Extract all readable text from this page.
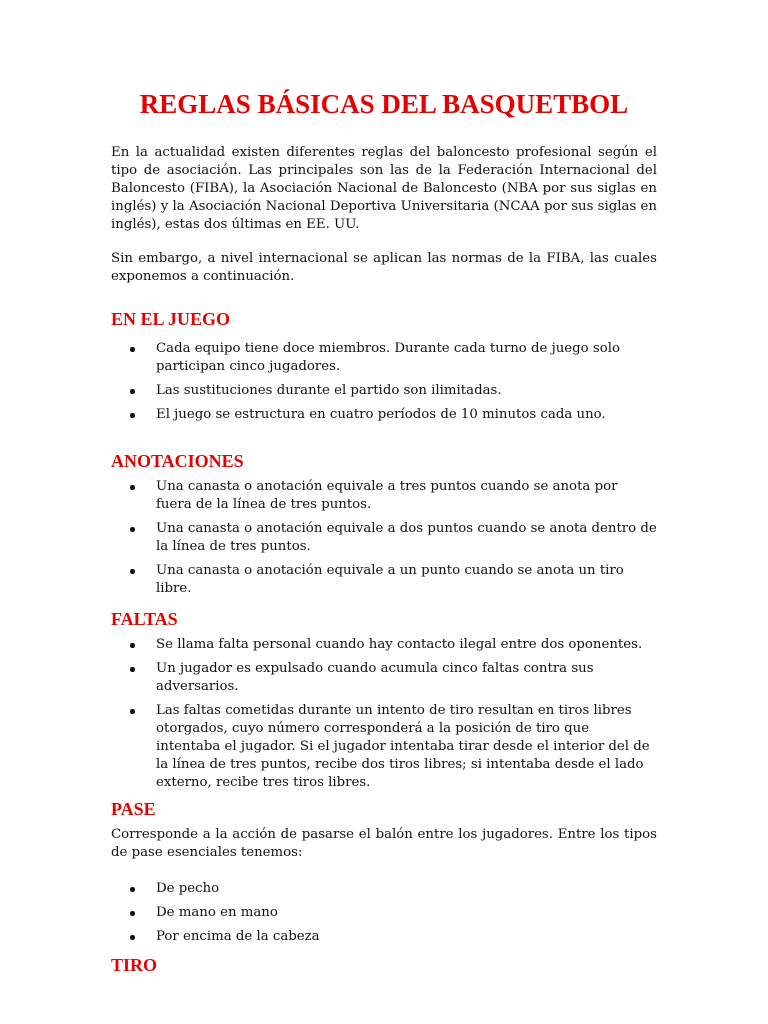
REGLAS BÁSICAS DEL BASQUETBOL

En la actualidad existen diferentes reglas del baloncesto profesional según el tipo de asociación. Las principales son las de la Federación Internacional del Baloncesto (FIBA), la Asociación Nacional de Baloncesto (NBA por sus siglas en inglés) y la Asociación Nacional Deportiva Universitaria (NCAA por sus siglas en inglés), estas dos últimas en EE. UU.

Sin embargo, a nivel internacional se aplican las normas de la FIBA, las cuales exponemos a continuación.

EN EL JUEGO
Cada equipo tiene doce miembros. Durante cada turno de juego solo participan cinco jugadores.
Las sustituciones durante el partido son ilimitadas.
El juego se estructura en cuatro períodos de 10 minutos cada uno.
ANOTACIONES
Una canasta o anotación equivale a tres puntos cuando se anota por fuera de la línea de tres puntos.
Una canasta o anotación equivale a dos puntos cuando se anota dentro de la línea de tres puntos.
Una canasta o anotación equivale a un punto cuando se anota un tiro libre.
FALTAS
Se llama falta personal cuando hay contacto ilegal entre dos oponentes.
Un jugador es expulsado cuando acumula cinco faltas contra sus adversarios.
Las faltas cometidas durante un intento de tiro resultan en tiros libres otorgados, cuyo número corresponderá a la posición de tiro que intentaba el jugador. Si el jugador intentaba tirar desde el interior del de la línea de tres puntos, recibe dos tiros libres; si intentaba desde el lado externo, recibe tres tiros libres.
PASE

Corresponde a la acción de pasarse el balón entre los jugadores. Entre los tipos de pase esenciales tenemos:

De pecho
De mano en mano
Por encima de la cabeza
TIRO
